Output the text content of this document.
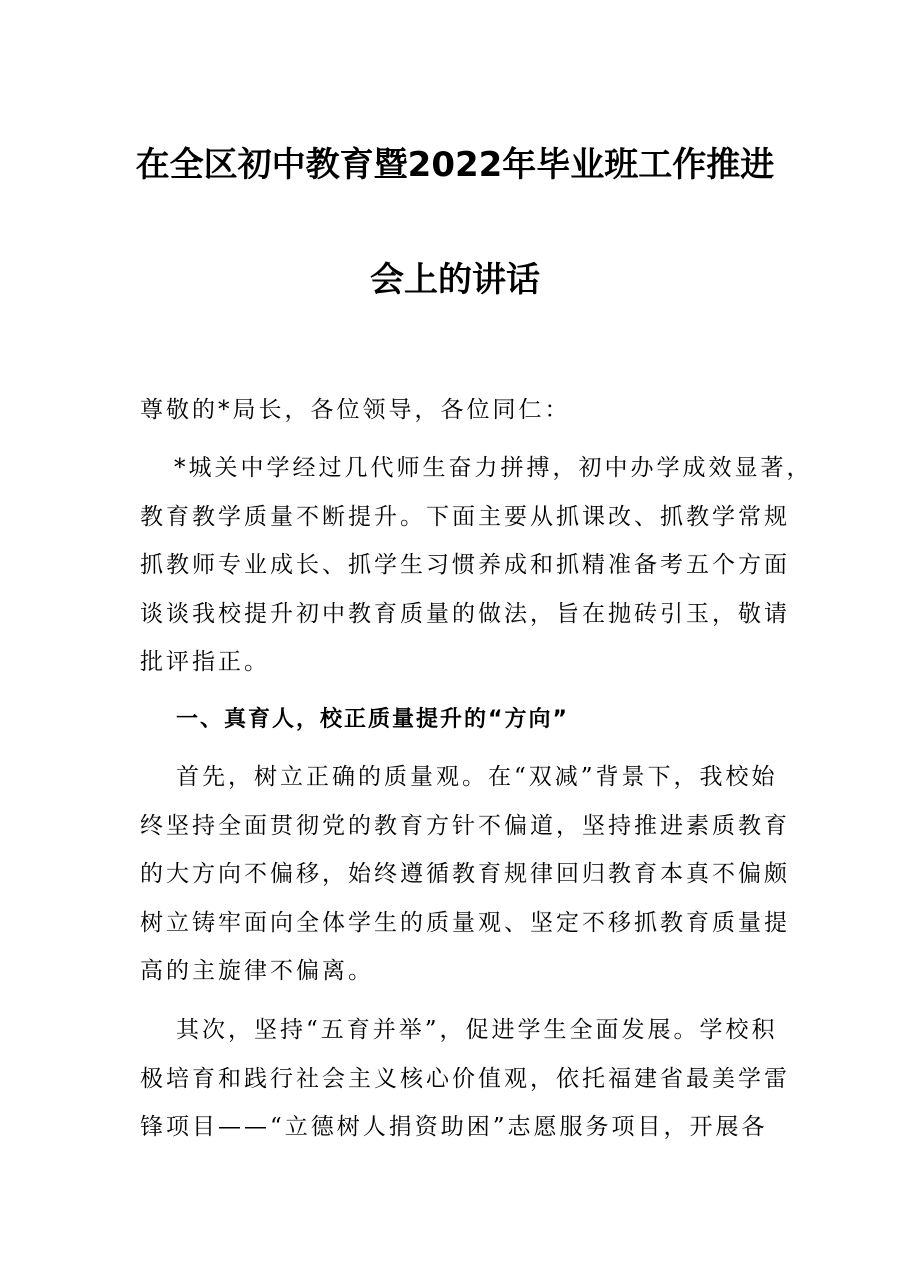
在全区初中教育暨2022年毕业班工作推进
会上的讲话

尊敬的*局长，各位领导，各位同仁：

*城关中学经过几代师生奋力拼搏，初中办学成效显著，
教育教学质量不断提升。下面主要从抓课改、抓教学常规
抓教师专业成长、抓学生习惯养成和抓精准备考五个方面
谈谈我校提升初中教育质量的做法，旨在抛砖引玉，敬请
批评指正。

一、真育人，校正质量提升的“方向”

首先，树立正确的质量观。在“双减”背景下，我校始
终坚持全面贯彻党的教育方针不偏道，坚持推进素质教育
的大方向不偏移，始终遵循教育规律回归教育本真不偏颇
树立铸牢面向全体学生的质量观、坚定不移抓教育质量提
高的主旋律不偏离。
其次，坚持“五育并举”，促进学生全面发展。学校积
极培育和践行社会主义核心价值观，依托福建省最美学雷
锋项目——“立德树人捐资助困”志愿服务项目，开展各
